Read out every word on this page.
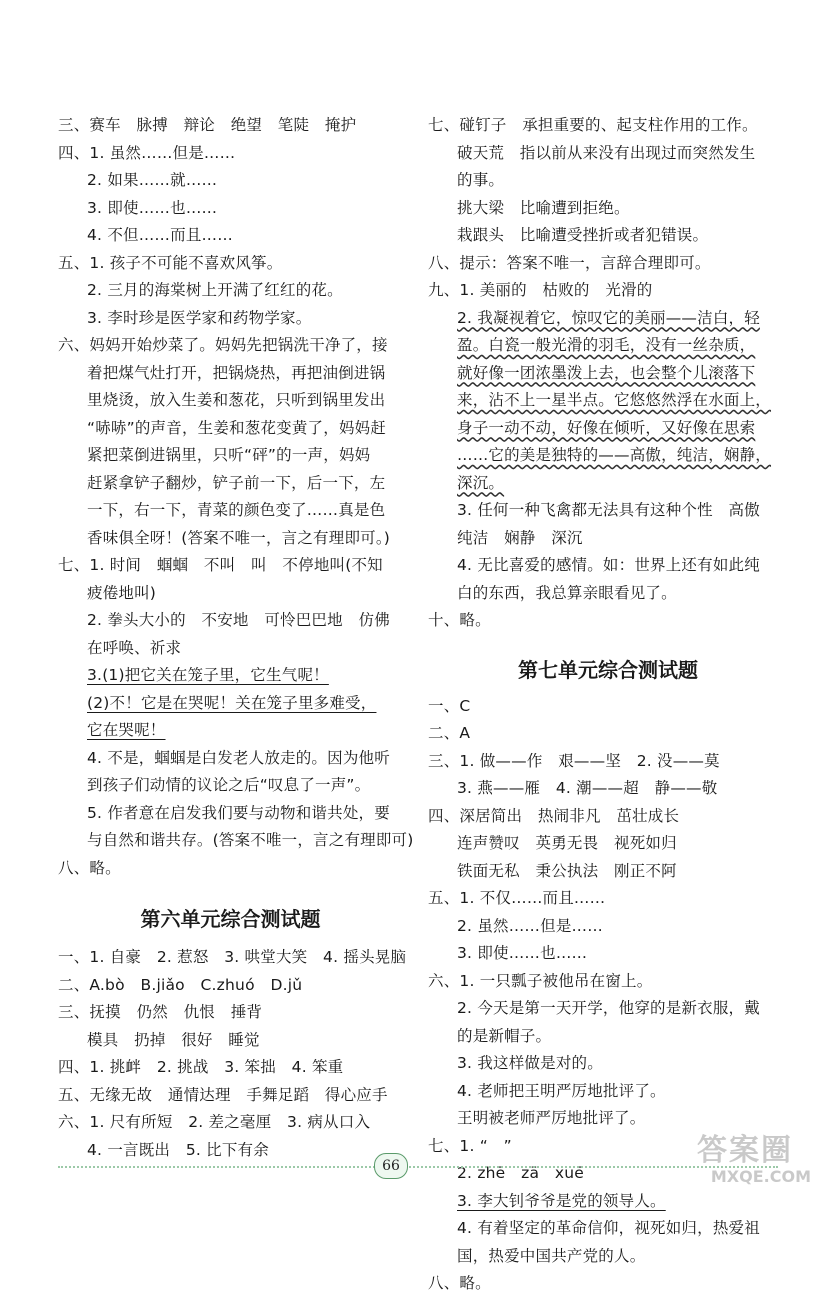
三、赛车　脉搏　辩论　绝望　笔陡　掩护
四、1. 虽然……但是……
2. 如果……就……
3. 即使……也……
4. 不但……而且……
五、1. 孩子不可能不喜欢风筝。
2. 三月的海棠树上开满了红红的花。
3. 李时珍是医学家和药物学家。
六、妈妈开始炒菜了。妈妈先把锅洗干净了，接
着把煤气灶打开，把锅烧热，再把油倒进锅
里烧烫，放入生姜和葱花，只听到锅里发出
“哧哧”的声音，生姜和葱花变黄了，妈妈赶
紧把菜倒进锅里，只听“砰”的一声，妈妈
赶紧拿铲子翻炒，铲子前一下，后一下，左
一下，右一下，青菜的颜色变了……真是色
香味俱全呀！(答案不唯一，言之有理即可。)
七、1. 时间　蝈蝈　不叫　叫　不停地叫(不知
疲倦地叫)
2. 拳头大小的　不安地　可怜巴巴地　仿佛
在呼唤、祈求
3.(1)把它关在笼子里，它生气呢！
(2)不！它是在哭呢！关在笼子里多难受，
它在哭呢！
4. 不是，蝈蝈是白发老人放走的。因为他听
到孩子们动情的议论之后“叹息了一声”。
5. 作者意在启发我们要与动物和谐共处，要
与自然和谐共存。(答案不唯一，言之有理即可)
八、略。
第六单元综合测试题
一、1. 自豪　2. 惹怒　3. 哄堂大笑　4. 摇头晃脑
二、A.bò　B.jiǎo　C.zhuó　D.jǔ
三、抚摸　仍然　仇恨　捶背
模具　扔掉　很好　睡觉
四、1. 挑衅　2. 挑战　3. 笨拙　4. 笨重
五、无缘无故　通情达理　手舞足蹈　得心应手
六、1. 尺有所短　2. 差之毫厘　3. 病从口入
4. 一言既出　5. 比下有余
七、碰钉子　承担重要的、起支柱作用的工作。
破天荒　指以前从来没有出现过而突然发生
的事。
挑大梁　比喻遭到拒绝。
栽跟头　比喻遭受挫折或者犯错误。
八、提示：答案不唯一，言辞合理即可。
九、1. 美丽的　枯败的　光滑的
2. 我凝视着它，惊叹它的美丽——洁白，轻
盈。白瓷一般光滑的羽毛，没有一丝杂质，
就好像一团浓墨泼上去，也会整个儿滚落下
来，沾不上一星半点。它悠悠然浮在水面上，
身子一动不动，好像在倾听，又好像在思索
……它的美是独特的——高傲，纯洁，娴静，
深沉。
3. 任何一种飞禽都无法具有这种个性　高傲
纯洁　娴静　深沉
4. 无比喜爱的感情。如：世界上还有如此纯
白的东西，我总算亲眼看见了。
十、略。
第七单元综合测试题
一、C
二、A
三、1. 做——作　艰——坚　2. 没——莫
3. 燕——雁　4. 潮——超　静——敬
四、深居简出　热闹非凡　茁壮成长
连声赞叹　英勇无畏　视死如归
铁面无私　秉公执法　刚正不阿
五、1. 不仅……而且……
2. 虽然……但是……
3. 即使……也……
六、1. 一只瓢子被他吊在窗上。
2. 今天是第一天开学，他穿的是新衣服，戴
的是新帽子。
3. 我这样做是对的。
4. 老师把王明严厉地批评了。
王明被老师严厉地批评了。
七、1. “　”
2. zhē　zā　xuē
3. 李大钊爷爷是党的领导人。
4. 有着坚定的革命信仰，视死如归，热爱祖
国，热爱中国共产党的人。
八、略。
66	答案圈
MXQE.COM
